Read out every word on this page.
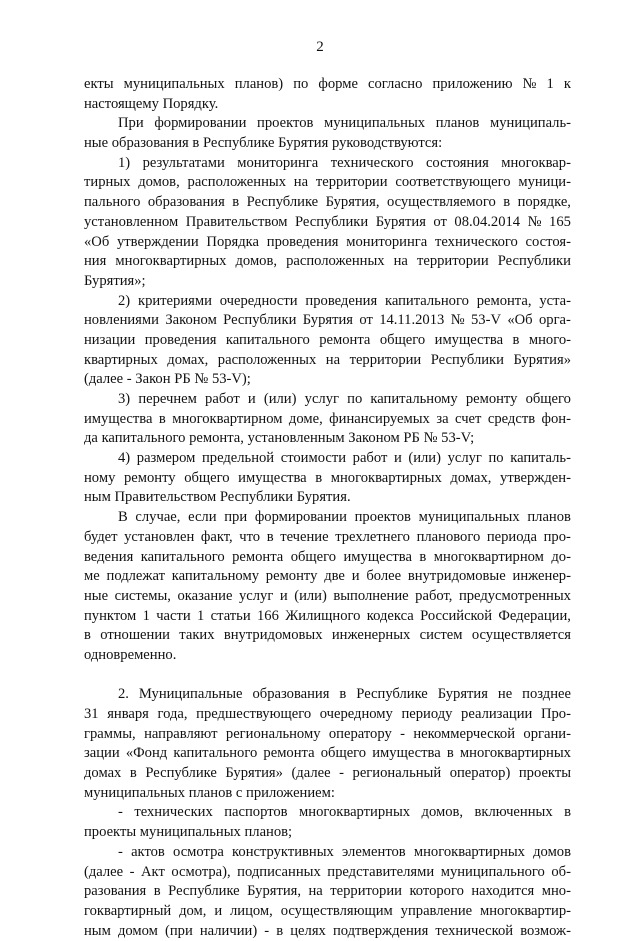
2
екты муниципальных планов) по форме согласно приложению № 1 к
настоящему Порядку.
При формировании проектов муниципальных планов муниципаль-
ные образования в Республике Бурятия руководствуются:
1) результатами мониторинга технического состояния многоквар-
тирных домов, расположенных на территории соответствующего муници-
пального образования в Республике Бурятия, осуществляемого в порядке,
установленном Правительством Республики Бурятия от 08.04.2014 № 165
«Об утверждении Порядка проведения мониторинга технического состоя-
ния многоквартирных домов, расположенных на территории Республики
Бурятия»;
2) критериями очередности проведения капитального ремонта, уста-
новлениями Законом Республики Бурятия от 14.11.2013 № 53-V «Об орга-
низации проведения капитального ремонта общего имущества в много-
квартирных домах, расположенных на территории Республики Бурятия»
(далее - Закон РБ № 53-V);
3) перечнем работ и (или) услуг по капитальному ремонту общего
имущества в многоквартирном доме, финансируемых за счет средств фон-
да капитального ремонта, установленным Законом РБ № 53-V;
4) размером предельной стоимости работ и (или) услуг по капиталь-
ному ремонту общего имущества в многоквартирных домах, утвержден-
ным Правительством Республики Бурятия.
В случае, если при формировании проектов муниципальных планов
будет установлен факт, что в течение трехлетнего планового периода про-
ведения капитального ремонта общего имущества в многоквартирном до-
ме подлежат капитальному ремонту две и более внутридомовые инженер-
ные системы, оказание услуг и (или) выполнение работ, предусмотренных
пунктом 1 части 1 статьи 166 Жилищного кодекса Российской Федерации,
в отношении таких внутридомовых инженерных систем осуществляется
одновременно.
2. Муниципальные образования в Республике Бурятия не позднее
31 января года, предшествующего очередному периоду реализации Про-
граммы, направляют региональному оператору - некоммерческой органи-
зации «Фонд капитального ремонта общего имущества в многоквартирных
домах в Республике Бурятия» (далее - региональный оператор) проекты
муниципальных планов с приложением:
- технических паспортов многоквартирных домов, включенных в
проекты муниципальных планов;
- актов осмотра конструктивных элементов многоквартирных домов
(далее - Акт осмотра), подписанных представителями муниципального об-
разования в Республике Бурятия, на территории которого находится мно-
гоквартирный дом, и лицом, осуществляющим управление многоквартир-
ным домом (при наличии) - в целях подтверждения технической возмож-
